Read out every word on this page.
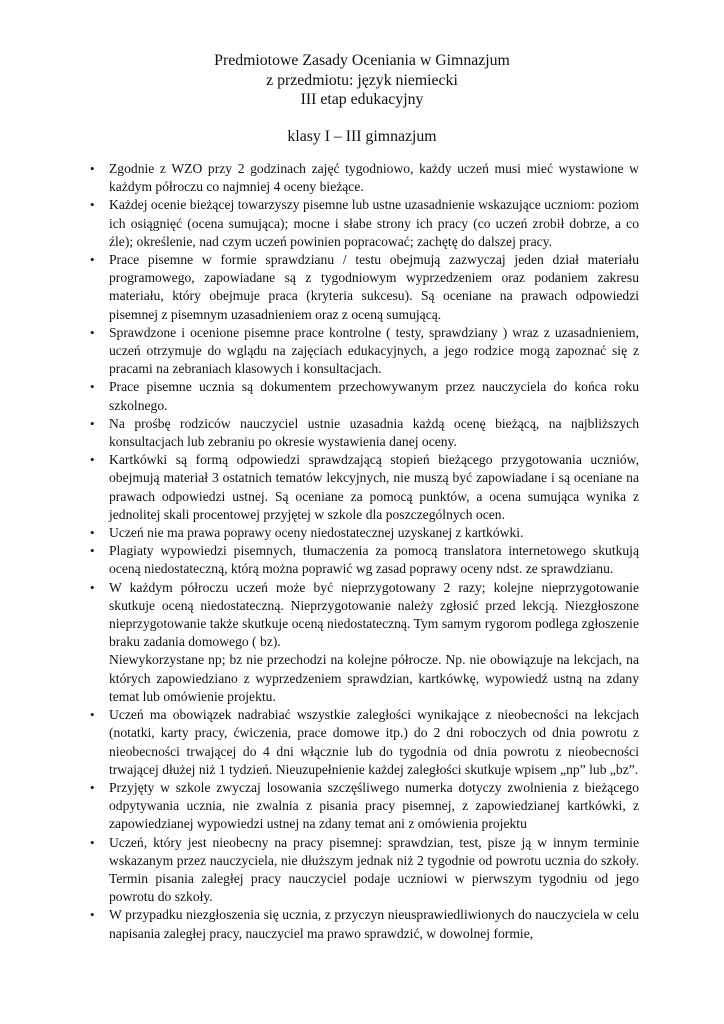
Predmiotowe Zasady Oceniania w Gimnazjum
z przedmiotu: język niemiecki
III etap edukacyjny
klasy I – III gimnazjum
• Zgodnie z WZO przy 2 godzinach zajęć tygodniowo, każdy uczeń musi mieć wystawione w każdym półroczu co najmniej 4 oceny bieżące.
• Każdej ocenie bieżącej towarzyszy pisemne lub ustne uzasadnienie wskazujące uczniom: poziom ich osiągnięć (ocena sumująca); mocne i słabe strony ich pracy (co uczeń zrobił dobrze, a co źle); określenie, nad czym uczeń powinien popracować; zachętę do dalszej pracy.
• Prace pisemne w formie sprawdzianu / testu obejmują zazwyczaj jeden dział materiału programowego, zapowiadane są z tygodniowym wyprzedzeniem oraz podaniem zakresu materiału, który obejmuje praca (kryteria sukcesu). Są oceniane na prawach odpowiedzi pisemnej z pisemnym uzasadnieniem oraz z oceną sumującą.
• Sprawdzone i ocenione pisemne prace kontrolne ( testy, sprawdziany ) wraz z uzasadnieniem, uczeń otrzymuje do wglądu na zajęciach edukacyjnych, a jego rodzice mogą zapoznać się z pracami na zebraniach klasowych i konsultacjach.
• Prace pisemne ucznia są dokumentem przechowywanym przez nauczyciela do końca roku szkolnego.
• Na prośbę rodziców nauczyciel ustnie uzasadnia każdą ocenę bieżącą, na najbliższych konsultacjach lub zebraniu po okresie wystawienia danej oceny.
• Kartkówki są formą odpowiedzi sprawdzającą stopień bieżącego przygotowania uczniów, obejmują materiał 3 ostatnich tematów lekcyjnych, nie muszą być zapowiadane i są oceniane na prawach odpowiedzi ustnej. Są oceniane za pomocą punktów, a ocena sumująca wynika z jednolitej skali procentowej przyjętej w szkole dla poszczególnych ocen.
• Uczeń nie ma prawa poprawy oceny niedostatecznej uzyskanej z kartkówki.
• Plagiaty wypowiedzi pisemnych, tłumaczenia za pomocą translatora internetowego skutkują oceną niedostateczną, którą można poprawić wg zasad poprawy oceny ndst. ze sprawdzianu.
• W każdym półroczu uczeń może być nieprzygotowany 2 razy; kolejne nieprzygotowanie skutkuje oceną niedostateczną. Nieprzygotowanie należy zgłosić przed lekcją. Niezgłoszone nieprzygotowanie także skutkuje oceną niedostateczną. Tym samym rygorom podlega zgłoszenie braku zadania domowego ( bz).
Niewykorzystane np; bz nie przechodzi na kolejne półrocze. Np. nie obowiązuje na lekcjach, na których zapowiedziano z wyprzedzeniem sprawdzian, kartkówkę, wypowiedź ustną na zdany temat lub omówienie projektu.
• Uczeń ma obowiązek nadrabiać wszystkie zaległości wynikające z nieobecności na lekcjach (notatki, karty pracy, ćwiczenia, prace domowe itp.) do 2 dni roboczych od dnia powrotu z nieobecności trwającej do 4 dni włącznie lub do tygodnia od dnia powrotu z nieobecności trwającej dłużej niż 1 tydzień. Nieuzupełnienie każdej zaległości skutkuje wpisem „np” lub „bz”.
• Przyjęty w szkole zwyczaj losowania szczęśliwego numerka dotyczy zwolnienia z bieżącego odpytywania ucznia, nie zwalnia z pisania pracy pisemnej, z zapowiedzianej kartkówki, z zapowiedzianej wypowiedzi ustnej na zdany temat ani z omówienia projektu
• Uczeń, który jest nieobecny na pracy pisemnej: sprawdzian, test, pisze ją w innym terminie wskazanym przez nauczyciela, nie dłuższym jednak niż 2 tygodnie od powrotu ucznia do szkoły. Termin pisania zaległej pracy nauczyciel podaje uczniowi w pierwszym tygodniu od jego powrotu do szkoły.
• W przypadku niezgłoszenia się ucznia, z przyczyn nieusprawiedliwionych do nauczyciela w celu napisania zaległej pracy, nauczyciel ma prawo sprawdzić, w dowolnej formie,
